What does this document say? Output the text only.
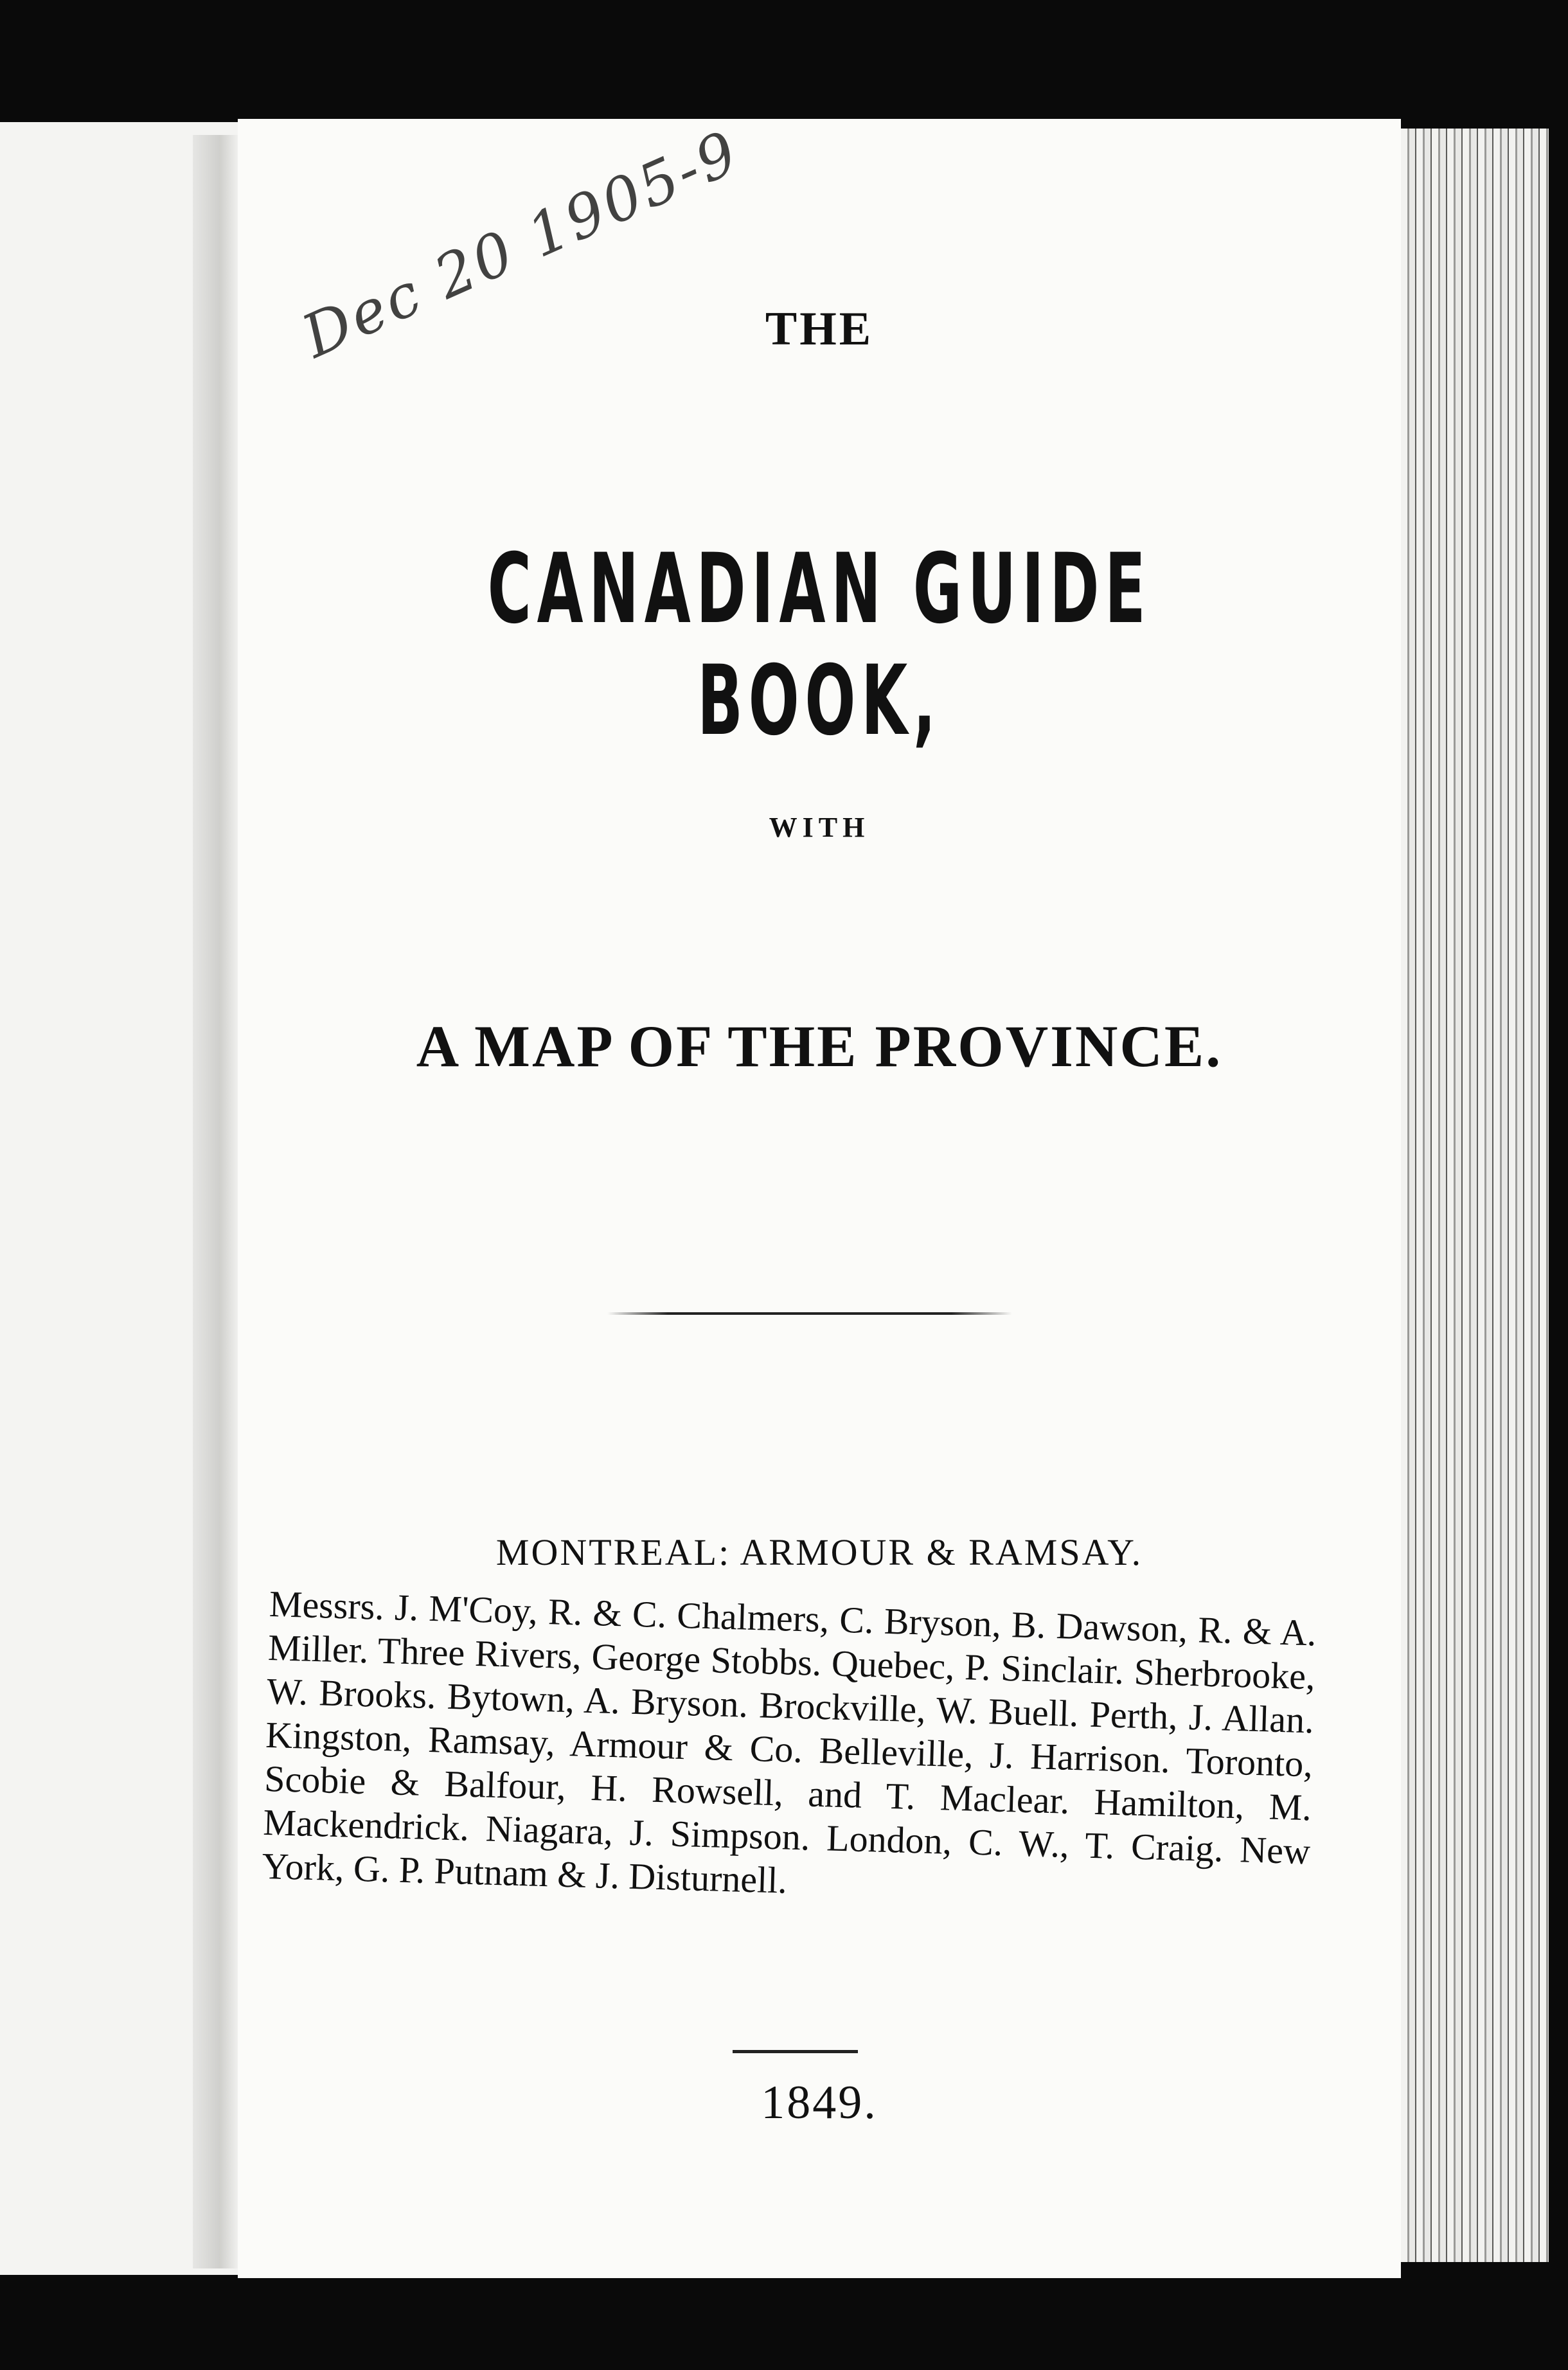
Dec 20 1905-9 THE
CANADIAN GUIDE BOOK,
WITH
A MAP OF THE PROVINCE.
MONTREAL: ARMOUR & RAMSAY.
Messrs. J. M'Coy, R. & C. Chalmers, C. Bryson, B. Dawson, R. & A. Miller. Three Rivers, George Stobbs. Quebec, P. Sinclair. Sherbrooke, W. Brooks. Bytown, A. Bryson. Brockville, W. Buell. Perth, J. Allan. Kingston, Ramsay, Armour & Co. Belleville, J. Harrison. Toronto, Scobie & Balfour, H. Rowsell, and T. Maclear. Hamilton, M. Mackendrick. Niagara, J. Simpson. London, C. W., T. Craig. New York, G. P. Putnam & J. Disturnell.
1849.
